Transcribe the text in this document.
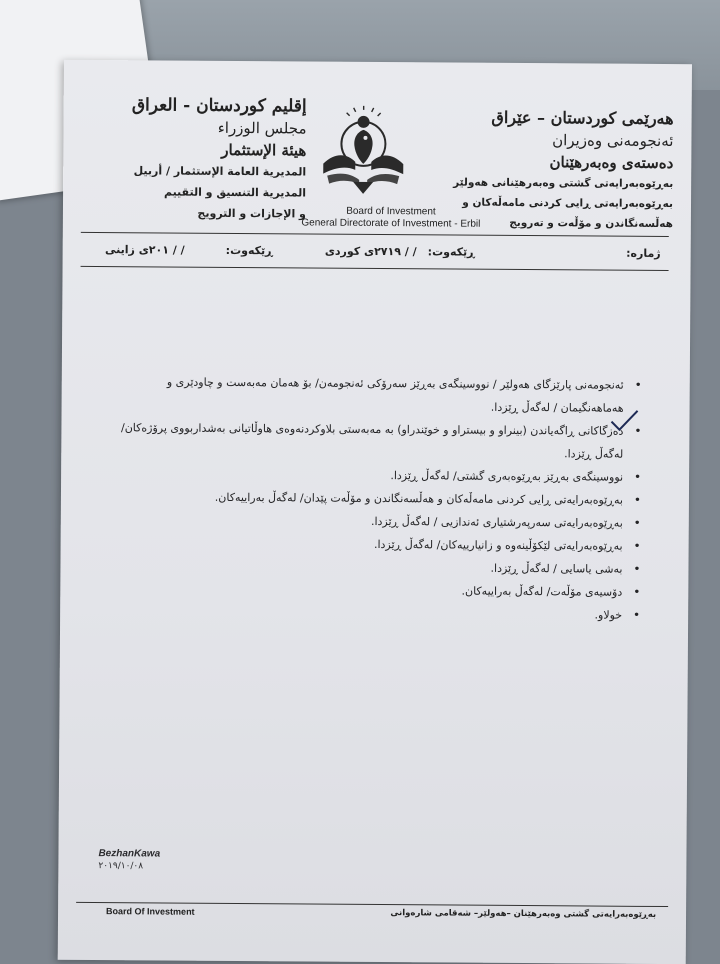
إقليم كوردستان - العراق
مجلس الوزراء
هيئة الإستثمار
المديرية العامة الإستثمار / أربيل
المديرية التنسيق و التقييم
و الإجازات و الترويج
هەرێمی کوردستان – عێراق
ئەنجومەنی وەزیران
دەستەی وەبەرهێنان
بەڕێوەبەرایەتی گشتی وەبەرهێنانی هەولێر
بەڕێوەبەرایەتی ڕایی کردنی مامەڵەکان و
هەڵسەنگاندن و مۆڵەت و تەرویج
Board of Investment
General Directorate of Investment - Erbil
ژمارە:
ڕێکەوت:
/ / ٢٧١٩ی کوردی
ڕێکەوت:
/ / ٢٠١ی زاینی
• ئەنجومەنی پارێزگای هەولێر / نووسینگەی بەڕێز سەرۆکی ئەنجومەن/ بۆ هەمان مەبەست و چاودێری و هەماهەنگیمان / لەگەڵ ڕێزدا.
• دەزگاکانی ڕاگەیاندن (بینراو و بیستراو و خوێندراو) بە مەبەستی بلاوکردنەوەی هاوڵاتیانی بەشداربووی پرۆژەکان/ لەگەڵ ڕێزدا.
• نووسینگەی بەڕێز بەڕێوەبەری گشتی/ لەگەڵ ڕێزدا.
• بەڕێوەبەرایەتی ڕایی کردنی مامەڵەکان و هەڵسەنگاندن و مۆڵەت پێدان/ لەگەڵ بەراییەکان.
• بەڕێوەبەرایەتی سەرپەرشتیاری ئەندازیی / لەگەڵ ڕێزدا.
• بەڕێوەبەرایەتی لێکۆڵینەوە و زانیارییەکان/ لەگەڵ ڕێزدا.
• بەشی یاسایی / لەگەڵ ڕێزدا.
• دۆسیەی مۆڵەت/ لەگەڵ بەراییەکان.
• خولاو.
BezhanKawa
٢٠١٩/١٠/٠٨
Board Of Investment	بەڕێوەبەرایەتی گشتی وەبەرهێنان –هەولێر– شەقامی شارەوانی
